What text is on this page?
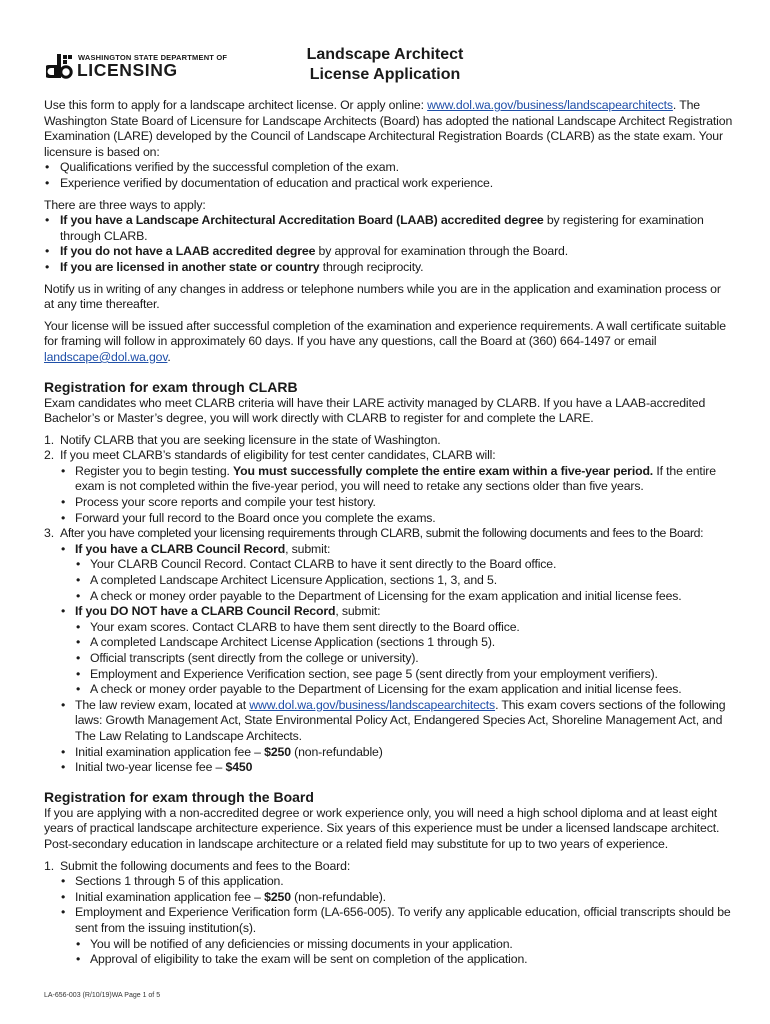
WASHINGTON STATE DEPARTMENT OF
LICENSING
Landscape Architect
License Application

Use this form to apply for a landscape architect license. Or apply online: www.dol.wa.gov/business/landscapearchitects. The Washington State Board of Licensure for Landscape Architects (Board) has adopted the national Landscape Architect Registration Examination (LARE) developed by the Council of Landscape Architectural Registration Boards (CLARB) as the state exam. Your licensure is based on:

• Qualifications verified by the successful completion of the exam.
• Experience verified by documentation of education and practical work experience.

There are three ways to apply:

• If you have a Landscape Architectural Accreditation Board (LAAB) accredited degree by registering for examination through CLARB.
• If you do not have a LAAB accredited degree by approval for examination through the Board.
• If you are licensed in another state or country through reciprocity.

Notify us in writing of any changes in address or telephone numbers while you are in the application and examination process or at any time thereafter.

Your license will be issued after successful completion of the examination and experience requirements. A wall certificate suitable for framing will follow in approximately 60 days. If you have any questions, call the Board at (360) 664-1497 or email landscape@dol.wa.gov.

Registration for exam through CLARB

Exam candidates who meet CLARB criteria will have their LARE activity managed by CLARB. If you have a LAAB-accredited Bachelor’s or Master’s degree, you will work directly with CLARB to register for and complete the LARE.

1. Notify CLARB that you are seeking licensure in the state of Washington.
2. If you meet CLARB’s standards of eligibility for test center candidates, CLARB will:
• Register you to begin testing. You must successfully complete the entire exam within a five-year period. If the entire exam is not completed within the five-year period, you will need to retake any sections older than five years.
• Process your score reports and compile your test history.
• Forward your full record to the Board once you complete the exams.
3. After you have completed your licensing requirements through CLARB, submit the following documents and fees to the Board:
• If you have a CLARB Council Record, submit:
• Your CLARB Council Record. Contact CLARB to have it sent directly to the Board office.
• A completed Landscape Architect Licensure Application, sections 1, 3, and 5.
• A check or money order payable to the Department of Licensing for the exam application and initial license fees.
• If you DO NOT have a CLARB Council Record, submit:
• Your exam scores. Contact CLARB to have them sent directly to the Board office.
• A completed Landscape Architect License Application (sections 1 through 5).
• Official transcripts (sent directly from the college or university).
• Employment and Experience Verification section, see page 5 (sent directly from your employment verifiers).
• A check or money order payable to the Department of Licensing for the exam application and initial license fees.
• The law review exam, located at www.dol.wa.gov/business/landscapearchitects. This exam covers sections of the following laws: Growth Management Act, State Environmental Policy Act, Endangered Species Act, Shoreline Management Act, and The Law Relating to Landscape Architects.
• Initial examination application fee – $250 (non-refundable)
• Initial two-year license fee – $450
Registration for exam through the Board

If you are applying with a non-accredited degree or work experience only, you will need a high school diploma and at least eight years of practical landscape architecture experience. Six years of this experience must be under a licensed landscape architect. Post-secondary education in landscape architecture or a related field may substitute for up to two years of experience.

1. Submit the following documents and fees to the Board:
• Sections 1 through 5 of this application.
• Initial examination application fee – $250 (non-refundable).
• Employment and Experience Verification form (LA-656-005). To verify any applicable education, official transcripts should be sent from the issuing institution(s).
• You will be notified of any deficiencies or missing documents in your application.
• Approval of eligibility to take the exam will be sent on completion of the application.
LA-656-003 (R/10/19)WA Page 1 of 5
